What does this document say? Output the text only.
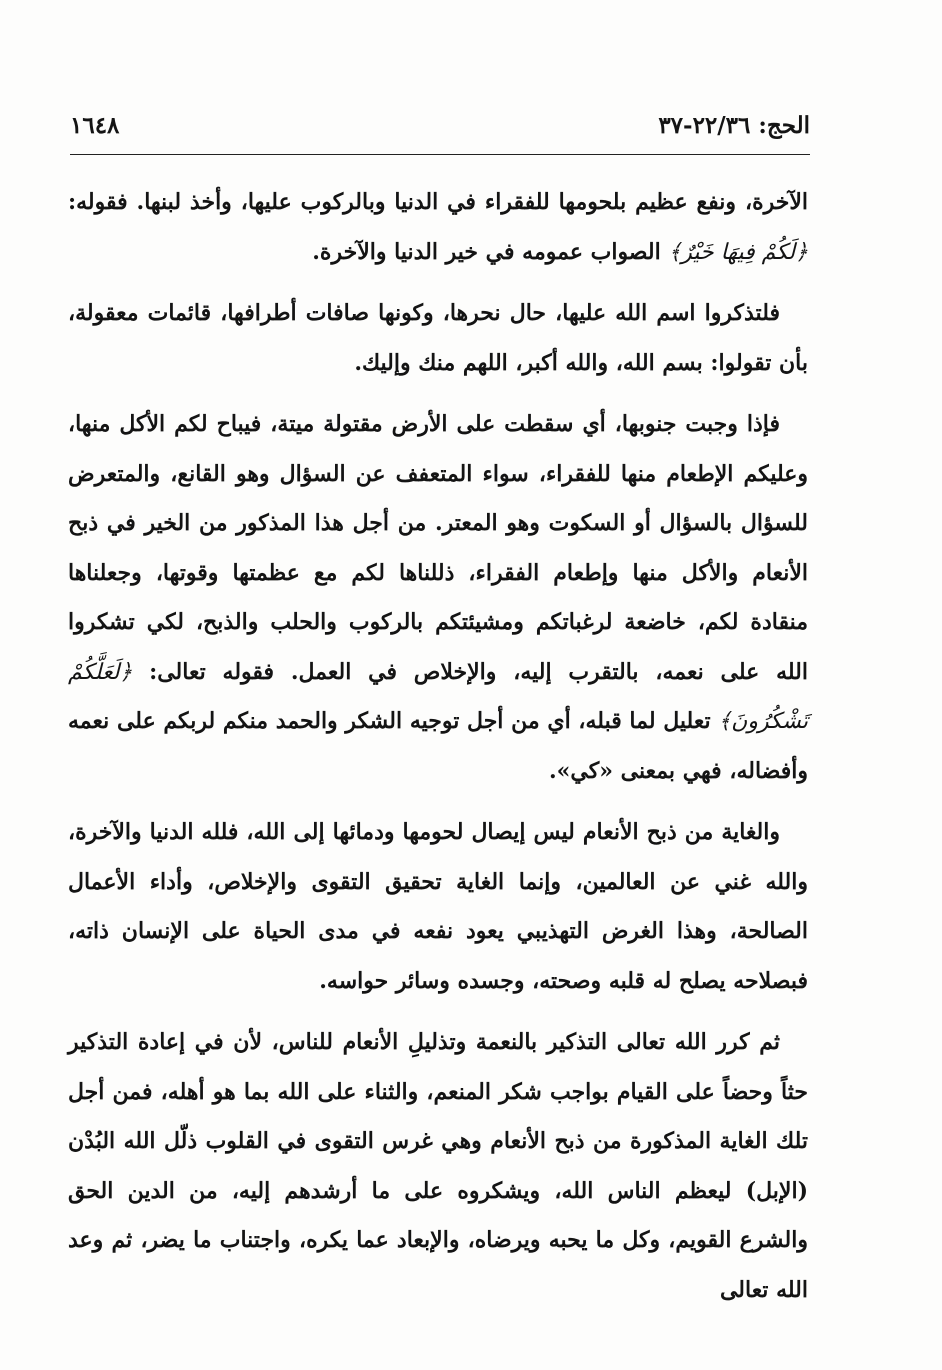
الحج: ٢٢/٣٦-٣٧
١٦٤٨

الآخرة، ونفع عظيم بلحومها للفقراء في الدنيا وبالركوب عليها، وأخذ لبنها. فقوله: ﴿لَكُمْ فِيهَا خَيْرٌ﴾ الصواب عمومه في خير الدنيا والآخرة.

فلتذكروا اسم الله عليها، حال نحرها، وكونها صافات أطرافها، قائمات معقولة، بأن تقولوا: بسم الله، والله أكبر، اللهم منك وإليك.

فإذا وجبت جنوبها، أي سقطت على الأرض مقتولة ميتة، فيباح لكم الأكل منها، وعليكم الإطعام منها للفقراء، سواء المتعفف عن السؤال وهو القانع، والمتعرض للسؤال بالسؤال أو السكوت وهو المعتر. من أجل هذا المذكور من الخير في ذبح الأنعام والأكل منها وإطعام الفقراء، ذللناها لكم مع عظمتها وقوتها، وجعلناها منقادة لكم، خاضعة لرغباتكم ومشيئتكم بالركوب والحلب والذبح، لكي تشكروا الله على نعمه، بالتقرب إليه، والإخلاص في العمل. فقوله تعالى: ﴿لَعَلَّكُمْ تَشْكُرُونَ﴾ تعليل لما قبله، أي من أجل توجيه الشكر والحمد منكم لربكم على نعمه وأفضاله، فهي بمعنى «كي».

والغاية من ذبح الأنعام ليس إيصال لحومها ودمائها إلى الله، فلله الدنيا والآخرة، والله غني عن العالمين، وإنما الغاية تحقيق التقوى والإخلاص، وأداء الأعمال الصالحة، وهذا الغرض التهذيبي يعود نفعه في مدى الحياة على الإنسان ذاته، فبصلاحه يصلح له قلبه وصحته، وجسده وسائر حواسه.

ثم كرر الله تعالى التذكير بالنعمة وتذليلِ الأنعام للناس، لأن في إعادة التذكير حثاً وحضاً على القيام بواجب شكر المنعم، والثناء على الله بما هو أهله، فمن أجل تلك الغاية المذكورة من ذبح الأنعام وهي غرس التقوى في القلوب ذلّل الله البُدْن (الإبل) ليعظم الناس الله، ويشكروه على ما أرشدهم إليه، من الدين الحق والشرع القويم، وكل ما يحبه ويرضاه، والإبعاد عما يكره، واجتناب ما يضر، ثم وعد الله تعالى
